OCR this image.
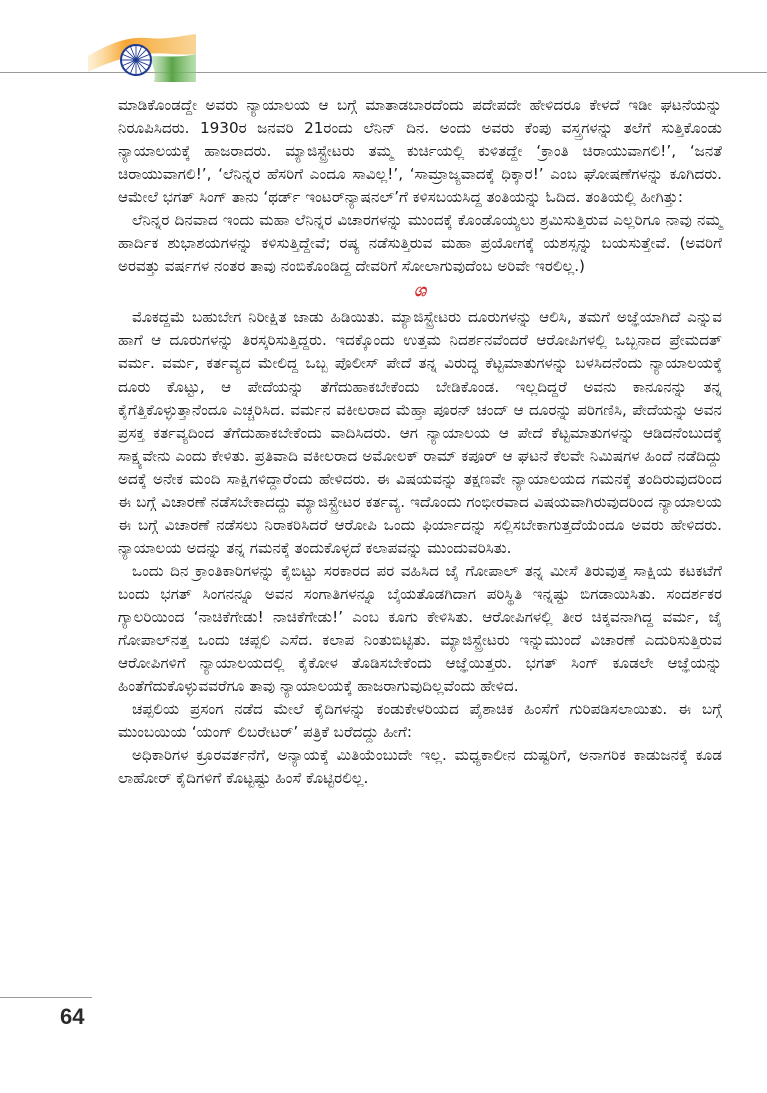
ಮಾಡಿಕೊಂಡದ್ದೇ ಅವರು ನ್ಯಾಯಾಲಯ ಆ ಬಗ್ಗೆ ಮಾತಾಡಬಾರದೆಂದು ಪದೇಪದೇ ಹೇಳಿದರೂ ಕೇಳದೆ ಇಡೀ ಘಟನೆಯನ್ನು ನಿರೂಪಿಸಿದರು. 1930ರ ಜನವರಿ 21ರಂದು ಲೆನಿನ್ ದಿನ. ಅಂದು ಅವರು ಕೆಂಪು ವಸ್ತ್ರಗಳನ್ನು ತಲೆಗೆ ಸುತ್ತಿಕೊಂಡು ನ್ಯಾಯಾಲಯಕ್ಕೆ ಹಾಜರಾದರು. ಮ್ಯಾಜಿಸ್ಟ್ರೇಟರು ತಮ್ಮ ಕುರ್ಚಿಯಲ್ಲಿ ಕುಳಿತದ್ದೇ ‘ಕ್ರಾಂತಿ ಚಿರಾಯುವಾಗಲಿ!’, ‘ಜನತೆ ಚಿರಾಯುವಾಗಲಿ!’, ‘ಲೆನಿನ್ನರ ಹೆಸರಿಗೆ ಎಂದೂ ಸಾವಿಲ್ಲ!’, ‘ಸಾಮ್ರಾಜ್ಯವಾದಕ್ಕೆ ಧಿಕ್ಕಾರ!’ ಎಂಬ ಘೋಷಣೆಗಳನ್ನು ಕೂಗಿದರು. ಆಮೇಲೆ ಭಗತ್ ಸಿಂಗ್ ತಾನು ‘ಥರ್ಡ್ ಇಂಟರ್‌ನ್ಯಾಷನಲ್’ಗೆ ಕಳಿಸಬಯಸಿದ್ದ ತಂತಿಯನ್ನು ಓದಿದ. ತಂತಿಯಲ್ಲಿ ಹೀಗಿತ್ತು:

ಲೆನಿನ್ನರ ದಿನವಾದ ಇಂದು ಮಹಾ ಲೆನಿನ್ನರ ವಿಚಾರಗಳನ್ನು ಮುಂದಕ್ಕೆ ಕೊಂಡೊಯ್ಯಲು ಶ್ರಮಿಸುತ್ತಿರುವ ಎಲ್ಲರಿಗೂ ನಾವು ನಮ್ಮ ಹಾರ್ದಿಕ ಶುಭಾಶಯಗಳನ್ನು ಕಳಿಸುತ್ತಿದ್ದೇವೆ; ರಷ್ಯ ನಡೆಸುತ್ತಿರುವ ಮಹಾ ಪ್ರಯೋಗಕ್ಕೆ ಯಶಸ್ಸನ್ನು ಬಯಸುತ್ತೇವೆ. (ಅವರಿಗೆ ಅರವತ್ತು ವರ್ಷಗಳ ನಂತರ ತಾವು ನಂಬಿಕೊಂಡಿದ್ದ ದೇವರಿಗೆ ಸೋಲಾಗುವುದೆಂಬ ಅರಿವೇ ಇರಲಿಲ್ಲ.)

ශ

ಮೊಕದ್ದಮೆ ಬಹುಬೇಗ ನಿರೀಕ್ಷಿತ ಜಾಡು ಹಿಡಿಯಿತು. ಮ್ಯಾಜಿಸ್ಟ್ರೇಟರು ದೂರುಗಳನ್ನು ಆಲಿಸಿ, ತಮಗೆ ಅಜ್ಞೆಯಾಗಿದೆ ಎನ್ನುವ ಹಾಗೆ ಆ ದೂರುಗಳನ್ನು ತಿರಸ್ಕರಿಸುತ್ತಿದ್ದರು. ಇದಕ್ಕೊಂದು ಉತ್ತಮ ನಿದರ್ಶನವೆಂದರೆ ಆರೋಪಿಗಳಲ್ಲಿ ಒಬ್ಬನಾದ ಪ್ರೇಮದತ್ ವರ್ಮ. ವರ್ಮ, ಕರ್ತವ್ಯದ ಮೇಲಿದ್ದ ಒಬ್ಬ ಪೊಲೀಸ್ ಪೇದೆ ತನ್ನ ವಿರುದ್ಧ ಕೆಟ್ಟಮಾತುಗಳನ್ನು ಬಳಸಿದನೆಂದು ನ್ಯಾಯಾಲಯಕ್ಕೆ ದೂರು ಕೊಟ್ಟು, ಆ ಪೇದೆಯನ್ನು ತೆಗೆದುಹಾಕಬೇಕೆಂದು ಬೇಡಿಕೊಂಡ. ಇಲ್ಲದಿದ್ದರೆ ಅವನು ಕಾನೂನನ್ನು ತನ್ನ ಕೈಗೆತ್ತಿಕೊಳ್ಳುತ್ತಾನೆಂದೂ ಎಚ್ಚರಿಸಿದ. ವರ್ಮನ ವಕೀಲರಾದ ಮೆಹ್ತಾ ಪೂರನ್ ಚಂದ್ ಆ ದೂರನ್ನು ಪರಿಗಣಿಸಿ, ಪೇದೆಯನ್ನು ಅವನ ಪ್ರಸಕ್ತ ಕರ್ತವ್ಯದಿಂದ ತೆಗೆದುಹಾಕಬೇಕೆಂದು ವಾದಿಸಿದರು. ಆಗ ನ್ಯಾಯಾಲಯ ಆ ಪೇದೆ ಕೆಟ್ಟಮಾತುಗಳನ್ನು ಆಡಿದನೆಂಬುದಕ್ಕೆ ಸಾಕ್ಷ್ಯವೇನು ಎಂದು ಕೇಳಿತು. ಪ್ರತಿವಾದಿ ವಕೀಲರಾದ ಅಮೋಲಕ್ ರಾಮ್ ಕಪೂರ್ ಆ ಘಟನೆ ಕೆಲವೇ ನಿಮಿಷಗಳ ಹಿಂದೆ ನಡೆದಿದ್ದು ಅದಕ್ಕೆ ಅನೇಕ ಮಂದಿ ಸಾಕ್ಷಿಗಳಿದ್ದಾರೆಂದು ಹೇಳಿದರು. ಈ ವಿಷಯವನ್ನು ತಕ್ಷಣವೇ ನ್ಯಾಯಾಲಯದ ಗಮನಕ್ಕೆ ತಂದಿರುವುದರಿಂದ ಈ ಬಗ್ಗೆ ವಿಚಾರಣೆ ನಡೆಸಬೇಕಾದದ್ದು ಮ್ಯಾಜಿಸ್ಟ್ರೇಟರ ಕರ್ತವ್ಯ. ಇದೊಂದು ಗಂಭೀರವಾದ ವಿಷಯವಾಗಿರುವುದರಿಂದ ನ್ಯಾಯಾಲಯ ಈ ಬಗ್ಗೆ ವಿಚಾರಣೆ ನಡೆಸಲು ನಿರಾಕರಿಸಿದರೆ ಆರೋಪಿ ಒಂದು ಫಿರ್ಯಾದನ್ನು ಸಲ್ಲಿಸಬೇಕಾಗುತ್ತದೆಯೆಂದೂ ಅವರು ಹೇಳಿದರು. ನ್ಯಾಯಾಲಯ ಅದನ್ನು ತನ್ನ ಗಮನಕ್ಕೆ ತಂದುಕೊಳ್ಳದೆ ಕಲಾಪವನ್ನು ಮುಂದುವರಿಸಿತು.

ಒಂದು ದಿನ ಕ್ರಾಂತಿಕಾರಿಗಳನ್ನು ಕೈಬಿಟ್ಟು ಸರಕಾರದ ಪರ ವಹಿಸಿದ ಜೈ ಗೋಪಾಲ್ ತನ್ನ ಮೀಸೆ ತಿರುವುತ್ತ ಸಾಕ್ಷಿಯ ಕಟಕಟೆಗೆ ಬಂದು ಭಗತ್ ಸಿಂಗನನ್ನೂ ಅವನ ಸಂಗಾತಿಗಳನ್ನೂ ಬೈಯತೊಡಗಿದಾಗ ಪರಿಸ್ಥಿತಿ ಇನ್ನಷ್ಟು ಬಿಗಡಾಯಿಸಿತು. ಸಂದರ್ಶಕರ ಗ್ಯಾಲರಿಯಿಂದ ‘ನಾಚಿಕೆಗೇಡು! ನಾಚಿಕೆಗೇಡು!’ ಎಂಬ ಕೂಗು ಕೇಳಿಸಿತು. ಆರೋಪಿಗಳಲ್ಲಿ ತೀರ ಚಿಕ್ಕವನಾಗಿದ್ದ ವರ್ಮ, ಜೈ ಗೋಪಾಲ್‌ನತ್ತ ಒಂದು ಚಪ್ಪಲಿ ಎಸೆದ. ಕಲಾಪ ನಿಂತುಬಿಟ್ಟಿತು. ಮ್ಯಾಜಿಸ್ಟ್ರೇಟರು ಇನ್ನುಮುಂದೆ ವಿಚಾರಣೆ ಎದುರಿಸುತ್ತಿರುವ ಆರೋಪಿಗಳಿಗೆ ನ್ಯಾಯಾಲಯದಲ್ಲಿ ಕೈಕೋಳ ತೊಡಿಸಬೇಕೆಂದು ಆಜ್ಞೆಯಿತ್ತರು. ಭಗತ್ ಸಿಂಗ್ ಕೂಡಲೇ ಆಜ್ಞೆಯನ್ನು ಹಿಂತೆಗೆದುಕೊಳ್ಳುವವರೆಗೂ ತಾವು ನ್ಯಾಯಾಲಯಕ್ಕೆ ಹಾಜರಾಗುವುದಿಲ್ಲವೆಂದು ಹೇಳಿದ.

ಚಪ್ಪಲಿಯ ಪ್ರಸಂಗ ನಡೆದ ಮೇಲೆ ಕೈದಿಗಳನ್ನು ಕಂಡುಕೇಳರಿಯದ ಪೈಶಾಚಿಕ ಹಿಂಸೆಗೆ ಗುರಿಪಡಿಸಲಾಯಿತು. ಈ ಬಗ್ಗೆ ಮುಂಬಯಿಯ ‘ಯಂಗ್ ಲಿಬರೇಟರ್’ ಪತ್ರಿಕೆ ಬರೆದದ್ದು ಹೀಗೆ:

ಅಧಿಕಾರಿಗಳ ಕ್ರೂರವರ್ತನೆಗೆ, ಅನ್ಯಾಯಕ್ಕೆ ಮಿತಿಯೆಂಬುದೇ ಇಲ್ಲ. ಮಧ್ಯಕಾಲೀನ ದುಷ್ಟರಿಗೆ, ಅನಾಗರಿಕ ಕಾಡುಜನಕ್ಕೆ ಕೂಡ ಲಾಹೋರ್ ಕೈದಿಗಳಿಗೆ ಕೊಟ್ಟಷ್ಟು ಹಿಂಸೆ ಕೊಟ್ಟಿರಲಿಲ್ಲ.

64
